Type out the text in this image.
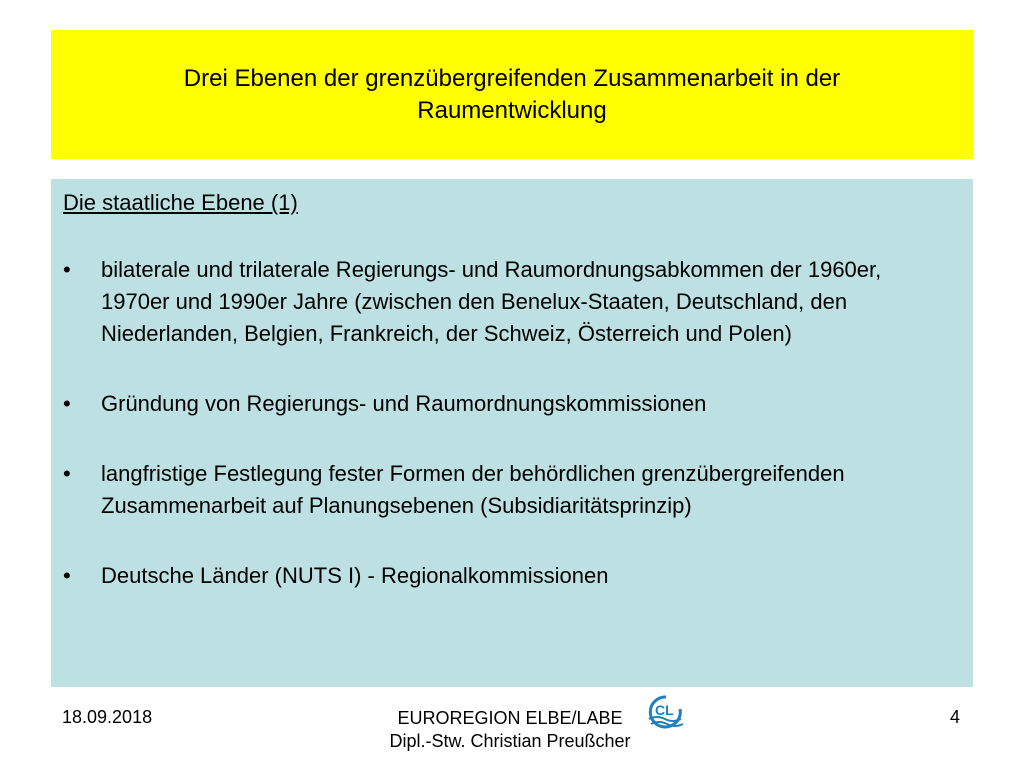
Drei Ebenen der grenzübergreifenden Zusammenarbeit in der Raumentwicklung

Die staatliche Ebene (1)

• bilaterale und trilaterale Regierungs- und Raumordnungsabkommen der 1960er, 1970er und 1990er Jahre (zwischen den Benelux-Staaten, Deutschland, den Niederlanden, Belgien, Frankreich, der Schweiz, Österreich und Polen)
• Gründung von Regierungs- und Raumordnungskommissionen
• langfristige Festlegung fester Formen der behördlichen grenzübergreifenden Zusammenarbeit auf Planungsebenen (Subsidiaritätsprinzip)
• Deutsche Länder (NUTS I) - Regionalkommissionen
18.09.2018	EUROREGION ELBE/LABE
Dipl.-Stw. Christian Preußcher
CL	4
